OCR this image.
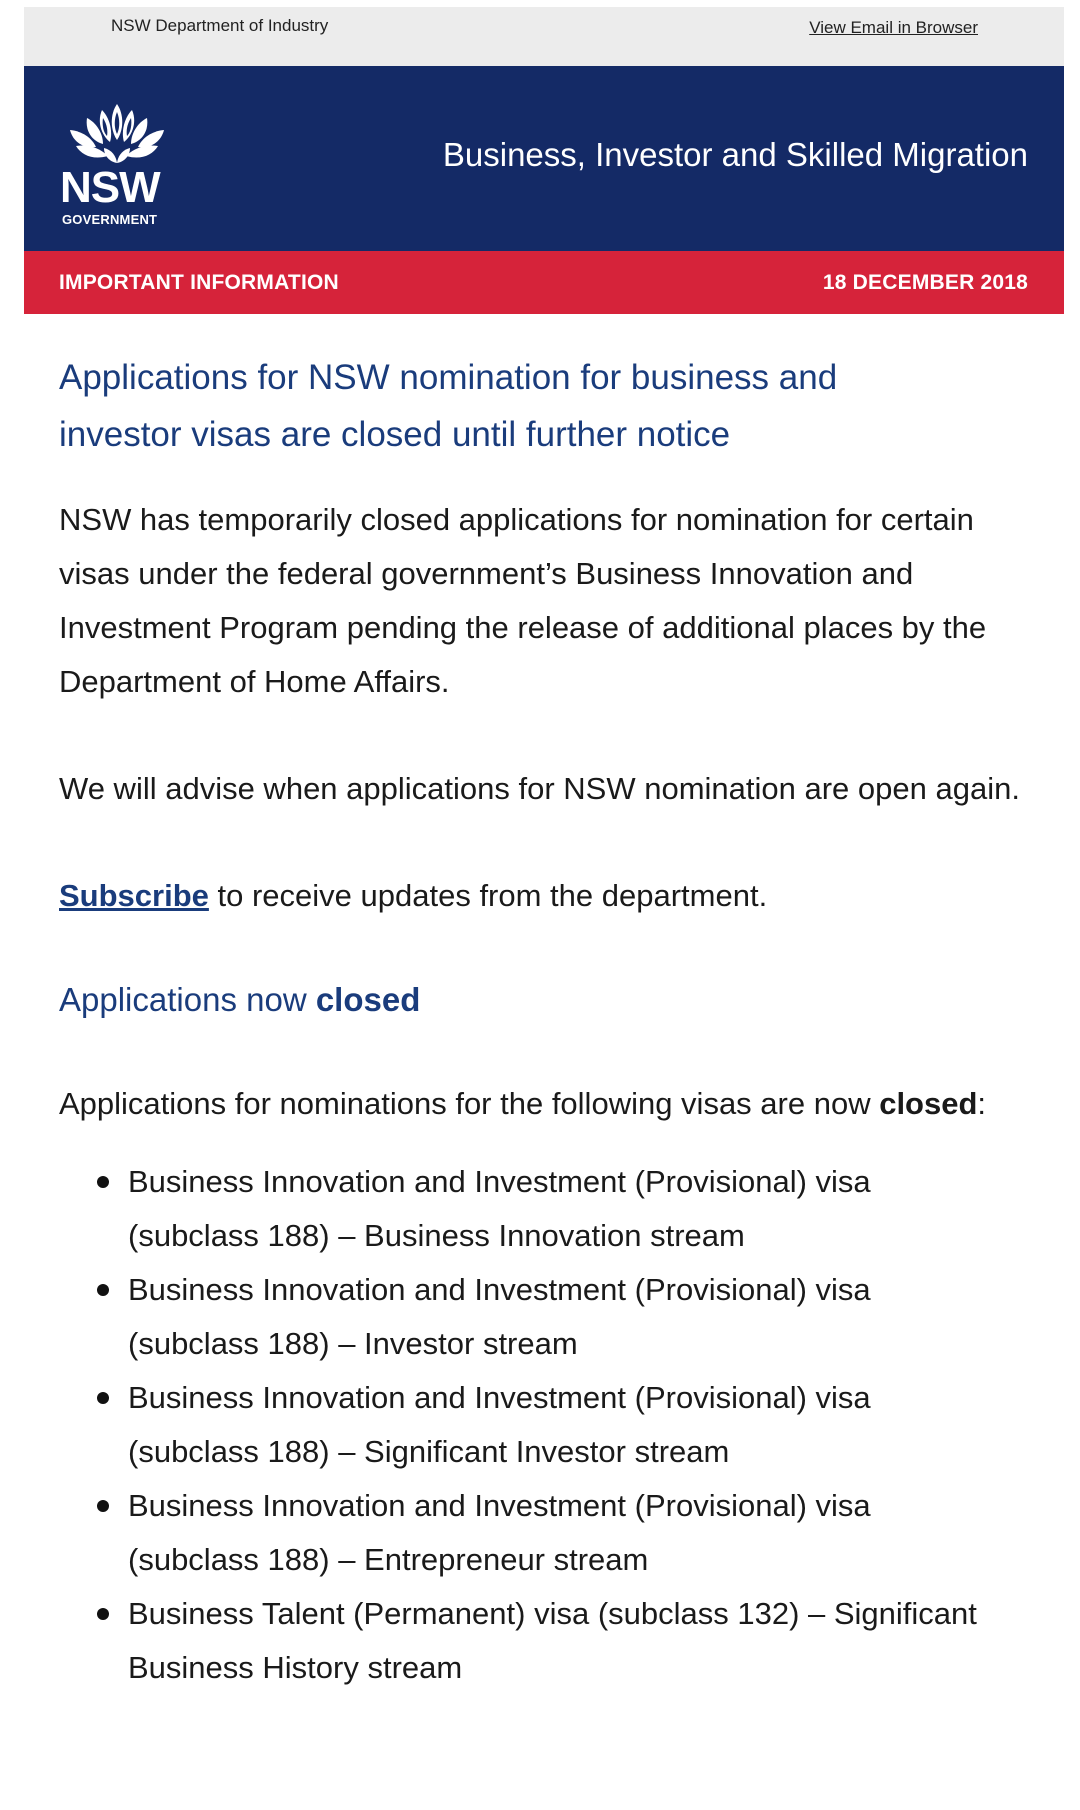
NSW Department of Industry	View Email in Browser
NSW
GOVERNMENT
Business, Investor and Skilled Migration
IMPORTANT INFORMATION	18 DECEMBER 2018
Applications for NSW nomination for business and investor visas are closed until further notice

NSW has temporarily closed applications for nomination for certain visas under the federal government’s Business Innovation and Investment Program pending the release of additional places by the Department of Home Affairs.

We will advise when applications for NSW nomination are open again.

Subscribe to receive updates from the department.

Applications now closed

Applications for nominations for the following visas are now closed:

Business Innovation and Investment (Provisional) visa (subclass 188) – Business Innovation stream
Business Innovation and Investment (Provisional) visa (subclass 188) – Investor stream
Business Innovation and Investment (Provisional) visa (subclass 188) – Significant Investor stream
Business Innovation and Investment (Provisional) visa (subclass 188) – Entrepreneur stream
Business Talent (Permanent) visa (subclass 132) – Significant Business History stream
